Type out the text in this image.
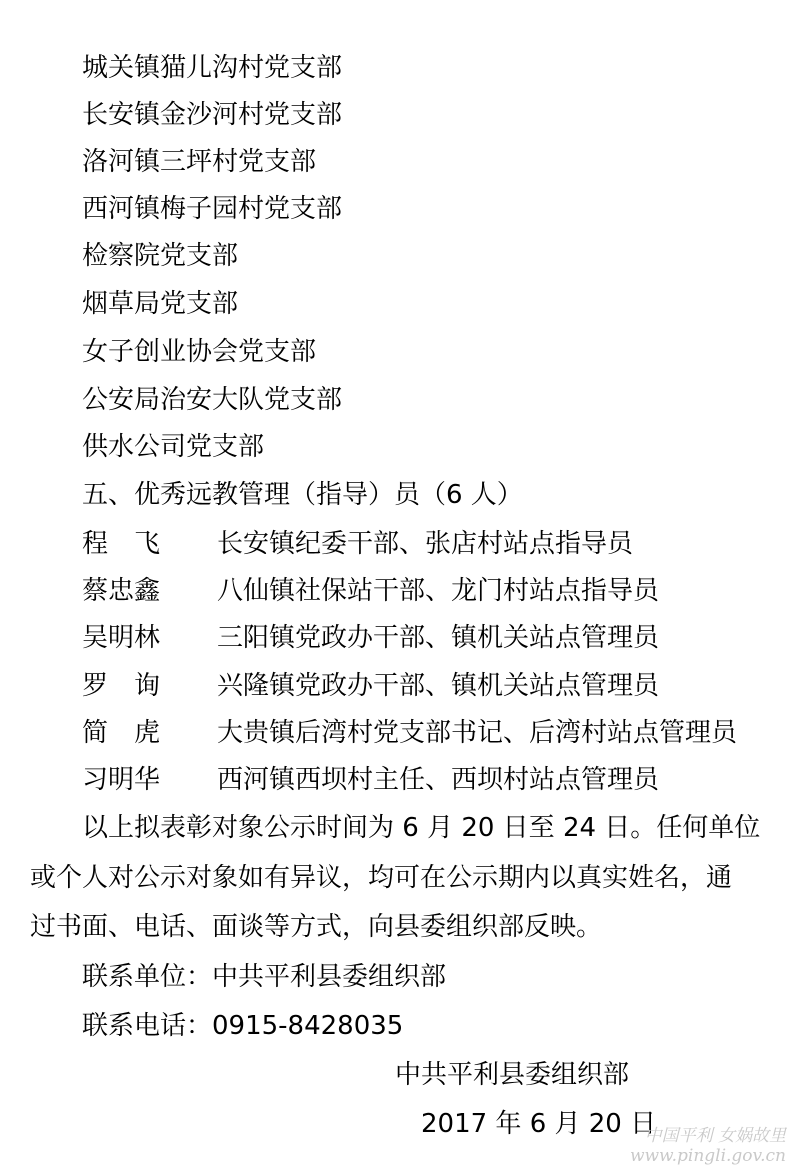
城关镇猫儿沟村党支部
长安镇金沙河村党支部
洛河镇三坪村党支部
西河镇梅子园村党支部
检察院党支部
烟草局党支部
女子创业协会党支部
公安局治安大队党支部
供水公司党支部
五、优秀远教管理（指导）员（6 人）
程　飞 长安镇纪委干部、张店村站点指导员
蔡忠鑫 八仙镇社保站干部、龙门村站点指导员
吴明林 三阳镇党政办干部、镇机关站点管理员
罗　询 兴隆镇党政办干部、镇机关站点管理员
简　虎 大贵镇后湾村党支部书记、后湾村站点管理员
习明华 西河镇西坝村主任、西坝村站点管理员
以上拟表彰对象公示时间为 6 月 20 日至 24 日。任何单位
或个人对公示对象如有异议，均可在公示期内以真实姓名，通
过书面、电话、面谈等方式，向县委组织部反映。
联系单位：中共平利县委组织部
联系电话：0915-8428035
中共平利县委组织部
2017 年 6 月 20 日
中国平利 女娲故里
www.pingli.gov.cn
